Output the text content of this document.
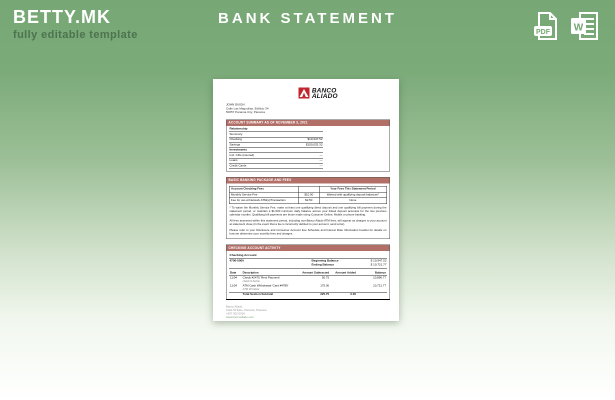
BETTY.MK
fully editable template
BANK STATEMENT
PDF W
BANCO
ALIADO
JOHN DIXON
Calle Las Magnolias, Edificio 34
50057 Panama City, Panama
ACCOUNT SUMMARY AS OF NOVEMBER 3, 2021
Relationship
Summary
Checking	$10,947.52
Savings	$150,025.32
Investments
incl. CDs (insured)	—
Loans	—
Credit Cards	—
BASIC BANKING PACKAGE AND FEES
Account Checking Fees		Your Fees This Statement Period
Monthly Service Fee	$10.00	Waived with qualifying deposit balances*
Fee for out-of-Network ATM(s)/Transaction	$2.50	None

* To waive the Monthly Service Fee, make at least one qualifying direct deposit and one qualifying bill payment during the statement period, or maintain a $1,500 minimum daily balance across your linked deposit accounts for the two previous calendar months. Qualifying bill payments are those made using Customer Online, Mobile or phone banking.

All fees assessed within this statement period, including non-Banco Aliado ATM fees, will appear as charges to your account at statement close (in the event that a fee is incorrectly debited to your account, send a fax).

Please refer to your Disclosure and Consumer Account Fee Schedule and Interest Rate Information booklet for details on how we determine your monthly fees and charges.

CHECKING ACCOUNT ACTIVITY
Checking Account
4700-0000	Beginning Balance	$ 10,947.52
Ending Balance	$ 10,721.77
Date	Description	Amount Subtracted	Amount Added	Balance
11/04	Check #2475 'Rent Payment'
check # below	50.75		10,896.77
11/24	ATM Cash Withdrawal 'Card #4789'
ATM ID below	175.00		10,721.77
	Total Section Subtotal	225.75	0.00	
Banco Aliado
Calle 50 Este, Panamá, Panama
+507 302-0000
www.bancoaliado.com
